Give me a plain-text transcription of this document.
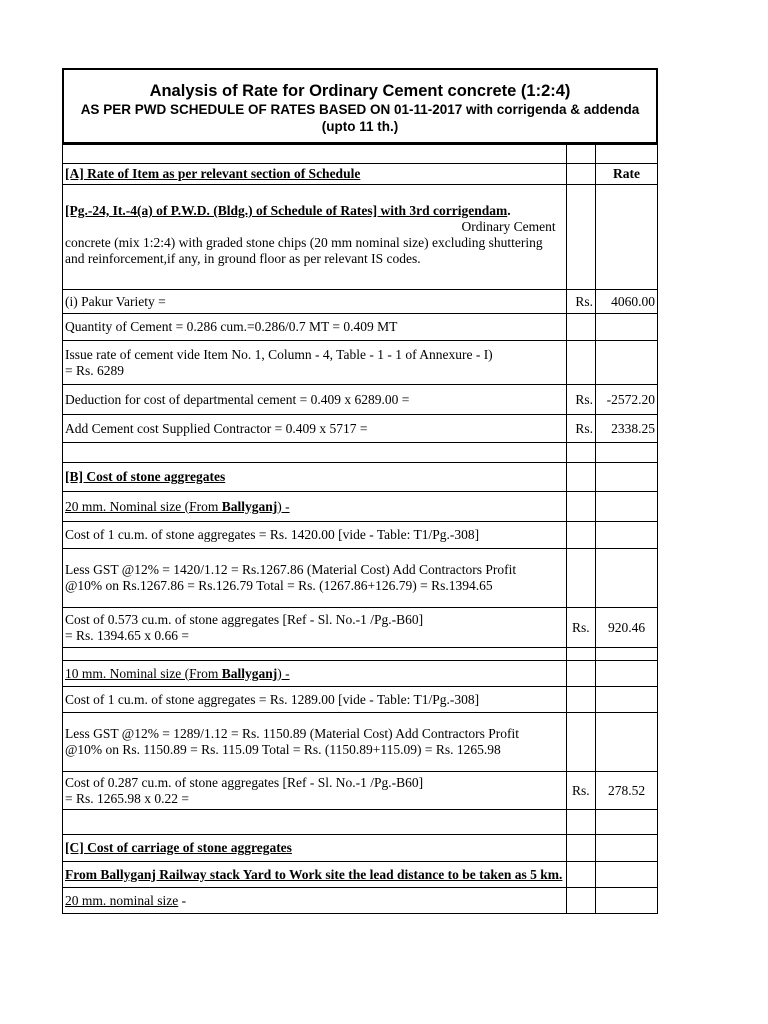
Analysis of Rate for Ordinary Cement concrete (1:2:4)
AS PER PWD SCHEDULE OF RATES BASED ON 01-11-2017 with corrigenda & addenda (upto 11 th.)

[A] Rate of Item as per relevant section of Schedule		Rate
[Pg.-24, It.-4(a) of P.W.D. (Bldg.) of Schedule of Rates] with 3rd corrigendam.
Ordinary Cement
concrete (mix 1:2:4) with graded stone chips (20 mm nominal size) excluding shuttering and reinforcement,if any, in ground floor as per relevant IS codes.		
(i) Pakur Variety =	Rs.	4060.00
Quantity of Cement = 0.286 cum.=0.286/0.7 MT = 0.409 MT		

Issue rate of cement vide Item No. 1, Column - 4, Table - 1 - 1 of Annexure - I)
= Rs. 6289		

Deduction for cost of departmental cement = 0.409 x 6289.00 =	Rs.	-2572.20
Add Cement cost Supplied Contractor = 0.409 x 5717 =	Rs.	2338.25

[B] Cost of stone aggregates		
20 mm. Nominal size (From Ballyganj) -		
Cost of 1 cu.m. of stone aggregates = Rs. 1420.00 [vide - Table: T1/Pg.-308]		

Less GST @12% = 1420/1.12 = Rs.1267.86 (Material Cost) Add Contractors Profit
@10% on Rs.1267.86 = Rs.126.79 Total = Rs. (1267.86+126.79) = Rs.1394.65		

Cost of 0.573 cu.m. of stone aggregates [Ref - Sl. No.-1 /Pg.-B60]
= Rs. 1394.65 x 0.66 =	Rs.	920.46

10 mm. Nominal size (From Ballyganj) -		
Cost of 1 cu.m. of stone aggregates = Rs. 1289.00 [vide - Table: T1/Pg.-308]		

Less GST @12% = 1289/1.12 = Rs. 1150.89 (Material Cost) Add Contractors Profit
@10% on Rs. 1150.89 = Rs. 115.09 Total = Rs. (1150.89+115.09) = Rs. 1265.98		

Cost of 0.287 cu.m. of stone aggregates [Ref - Sl. No.-1 /Pg.-B60]
= Rs. 1265.98 x 0.22 =	Rs.	278.52

[C] Cost of carriage of stone aggregates		
From Ballyganj Railway stack Yard to Work site the lead distance to be taken as 5 km.		
20 mm. nominal size -		
